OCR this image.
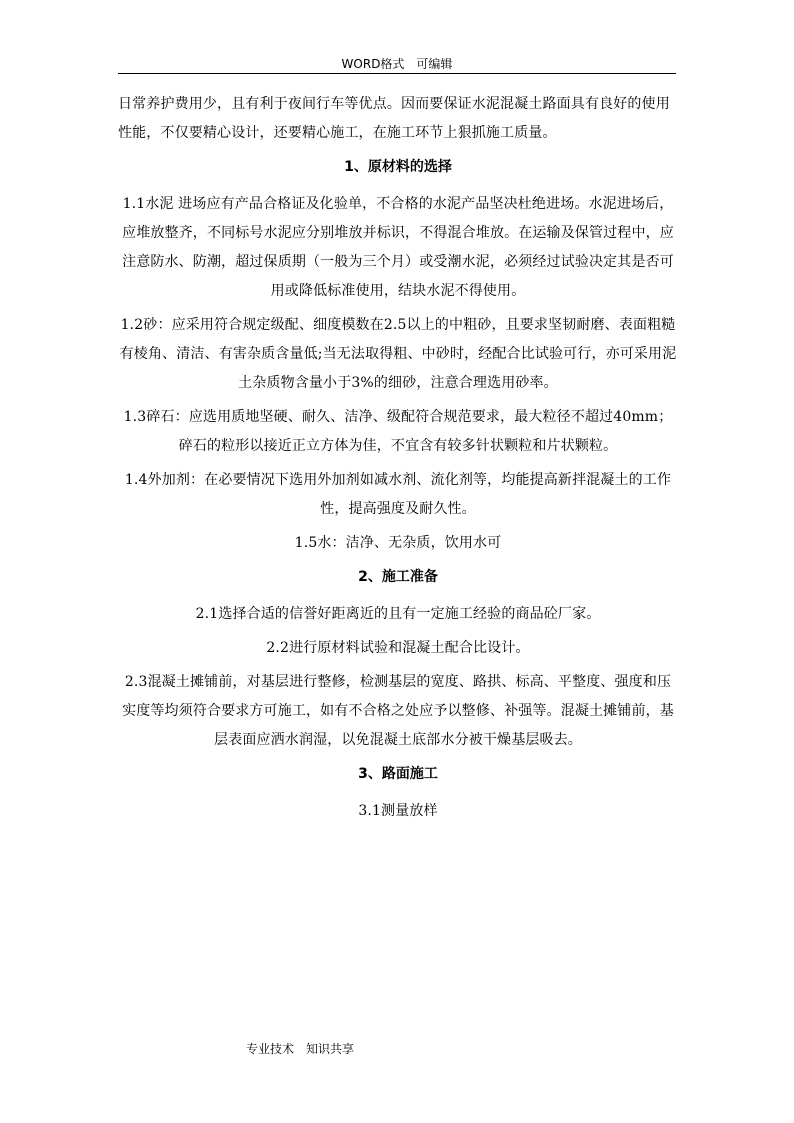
WORD格式　可编辑

日常养护费用少，且有利于夜间行车等优点。因而要保证水泥混凝土路面具有良好的使用性能，不仅要精心设计，还要精心施工，在施工环节上狠抓施工质量。

1、原材料的选择

1.1水泥 进场应有产品合格证及化验单，不合格的水泥产品坚决杜绝进场。水泥进场后，应堆放整齐，不同标号水泥应分别堆放并标识，不得混合堆放。在运输及保管过程中，应注意防水、防潮，超过保质期（一般为三个月）或受潮水泥，必须经过试验决定其是否可用或降低标准使用，结块水泥不得使用。

1.2砂：应采用符合规定级配、细度模数在2.5以上的中粗砂，且要求坚韧耐磨、表面粗糙有棱角、清洁、有害杂质含量低;当无法取得粗、中砂时，经配合比试验可行，亦可采用泥土杂质物含量小于3%的细砂，注意合理选用砂率。

1.3碎石：应选用质地坚硬、耐久、洁净、级配符合规范要求，最大粒径不超过40mm；碎石的粒形以接近正立方体为佳，不宜含有较多针状颗粒和片状颗粒。

1.4外加剂：在必要情况下选用外加剂如减水剂、流化剂等，均能提高新拌混凝土的工作性，提高强度及耐久性。

1.5水：洁净、无杂质，饮用水可

2、施工准备

2.1选择合适的信誉好距离近的且有一定施工经验的商品砼厂家。

2.2进行原材料试验和混凝土配合比设计。

2.3混凝土摊铺前，对基层进行整修，检测基层的宽度、路拱、标高、平整度、强度和压实度等均须符合要求方可施工，如有不合格之处应予以整修、补强等。混凝土摊铺前，基层表面应洒水润湿，以免混凝土底部水分被干燥基层吸去。

3、路面施工

3.1测量放样

专业技术　知识共享
